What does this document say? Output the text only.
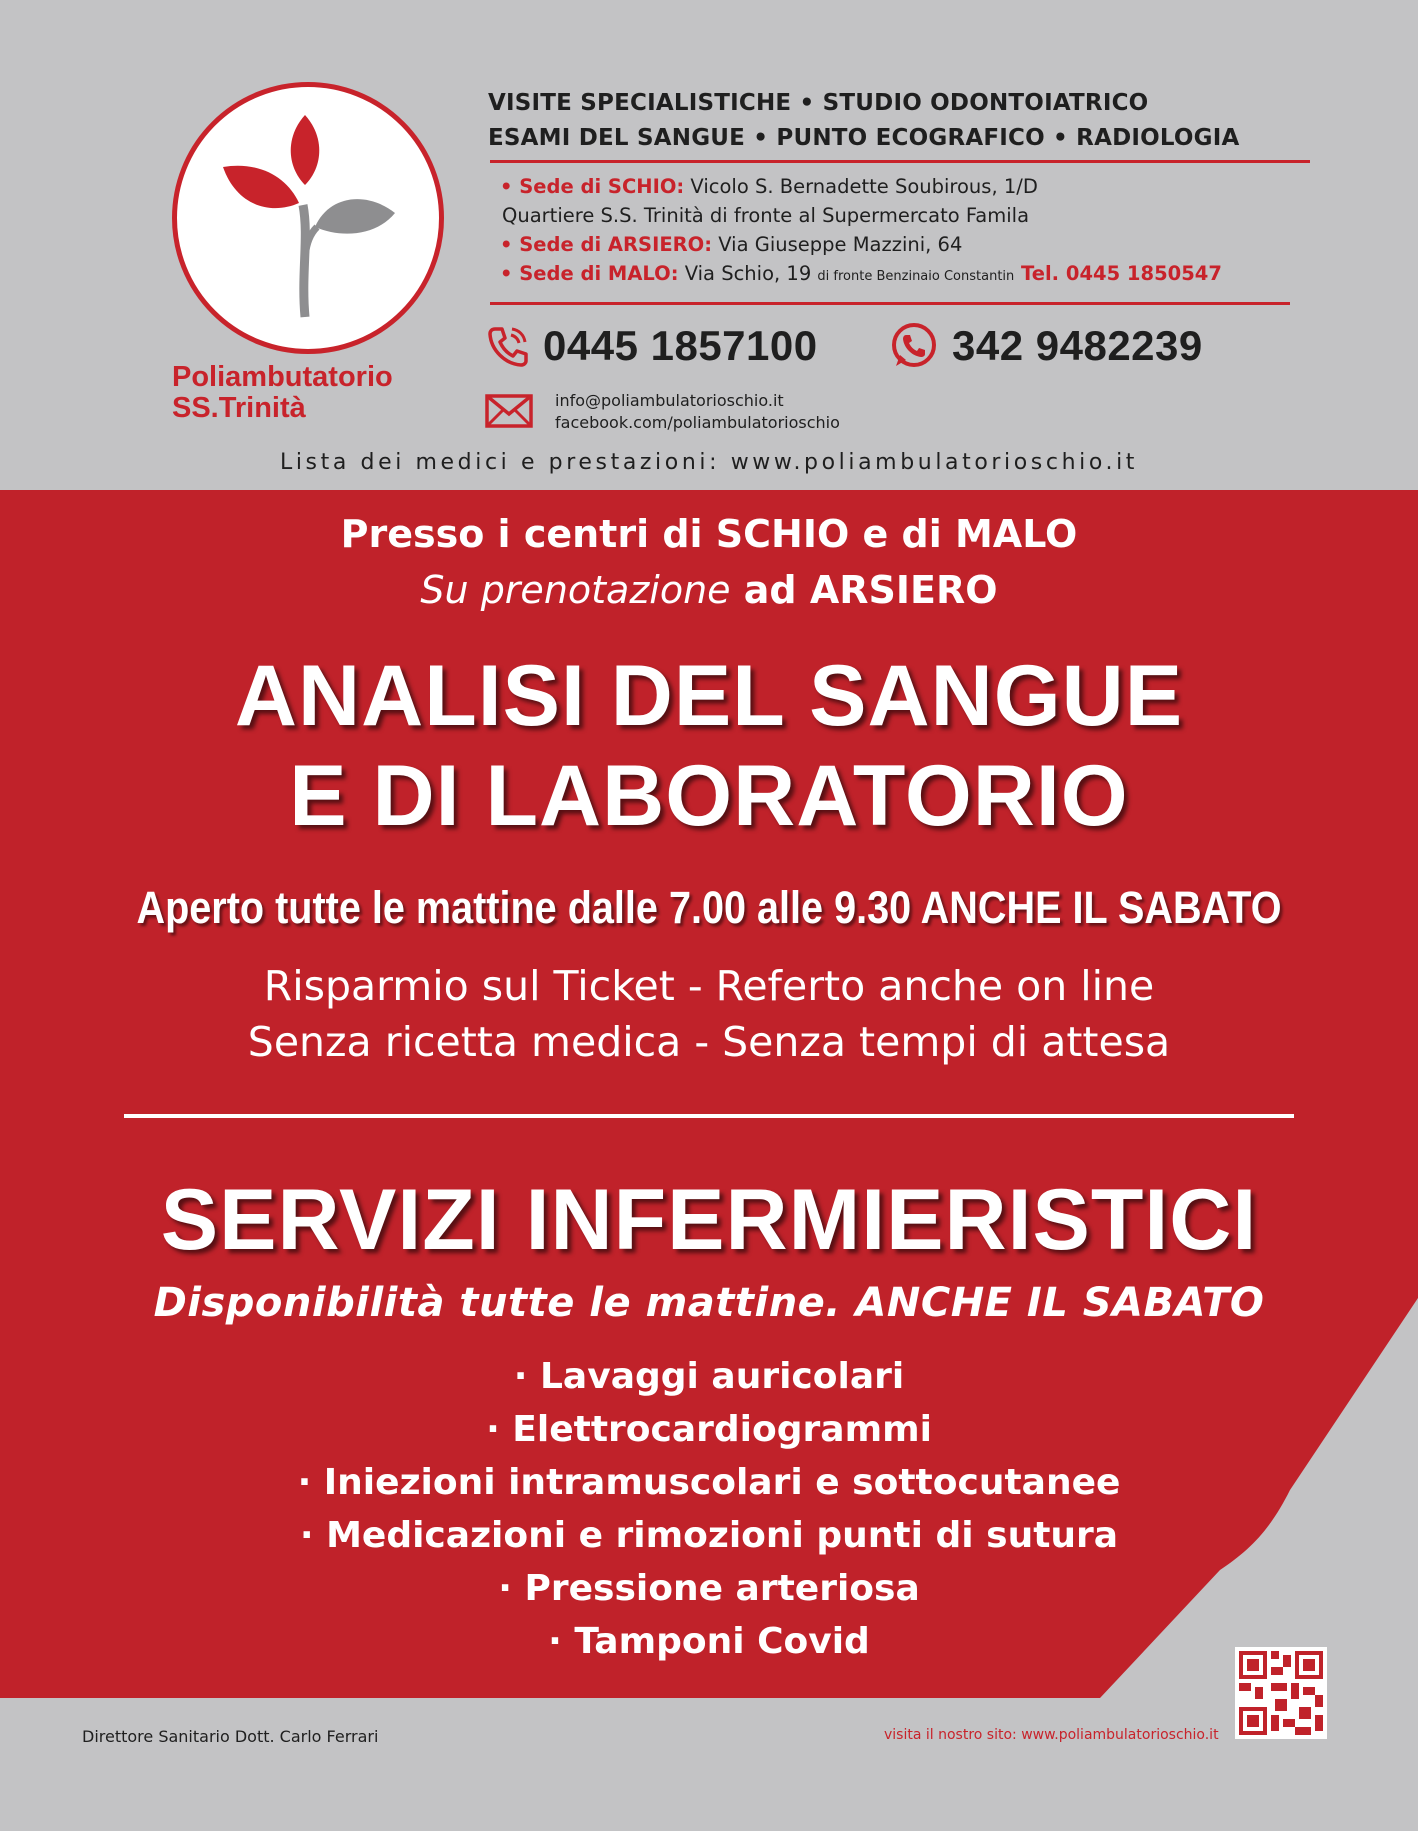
Poliambutatorio
SS.Trinità
VISITE SPECIALISTICHE • STUDIO ODONTOIATRICO
ESAMI DEL SANGUE • PUNTO ECOGRAFICO • RADIOLOGIA
• Sede di SCHIO: Vicolo S. Bernadette Soubirous, 1/D
Quartiere S.S. Trinità di fronte al Supermercato Famila
• Sede di ARSIERO: Via Giuseppe Mazzini, 64
• Sede di MALO: Via Schio, 19 di fronte Benzinaio Constantin Tel. 0445 1850547
0445 1857100	342 9482239
info@poliambulatorioschio.it
facebook.com/poliambulatorioschio
Lista dei medici e prestazioni: www.poliambulatorioschio.it
Presso i centri di SCHIO e di MALO
Su prenotazione ad ARSIERO
ANALISI DEL SANGUE
E DI LABORATORIO
Aperto tutte le mattine dalle 7.00 alle 9.30 ANCHE IL SABATO
Risparmio sul Ticket - Referto anche on line
Senza ricetta medica - Senza tempi di attesa
SERVIZI INFERMIERISTICI
Disponibilità tutte le mattine. ANCHE IL SABATO
· Lavaggi auricolari
· Elettrocardiogrammi
· Iniezioni intramuscolari e sottocutanee
· Medicazioni e rimozioni punti di sutura
· Pressione arteriosa
· Tamponi Covid
Direttore Sanitario Dott. Carlo Ferrari	visita il nostro sito: www.poliambulatorioschio.it
